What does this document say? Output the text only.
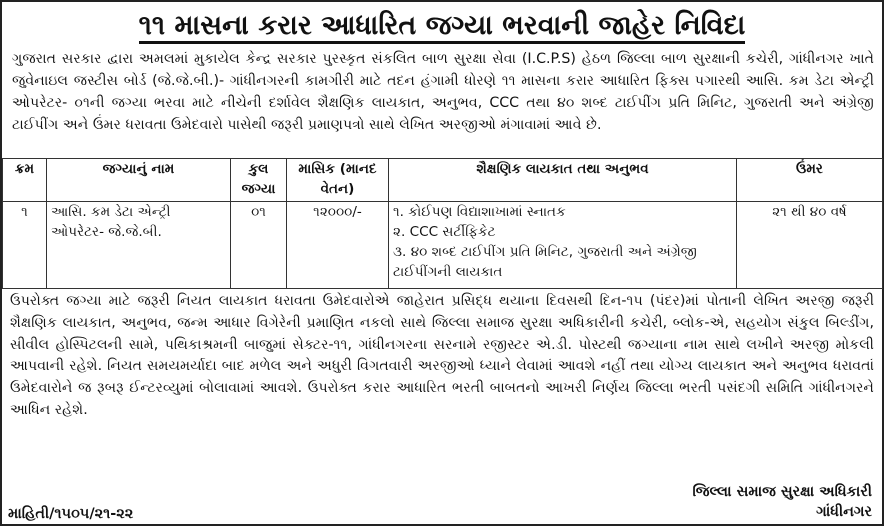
૧૧ માસના કરાર આધારિત જગ્યા ભરવાની જાહેર નિવિદા
ગુજરાત સરકાર દ્વારા અમલમાં મુકાયેલ કેન્દ્ર સરકાર પુરસ્કૃત સંકલિત બાળ સુરક્ષા સેવા (I.C.P.S) હેઠળ જિલ્લા બાળ સુરક્ષાની કચેરી, ગાંધીનગર ખાતે જુવેનાઇલ જસ્ટીસ બોર્ડ (જે.જે.બી.)- ગાંધીનગરની કામગીરી માટે તદન હંગામી ધોરણે ૧૧ માસના કરાર આધારિત ફિક્સ પગારથી આસિ. કમ ડેટા એન્ટ્રી ઓપરેટર- ૦૧ની જગ્યા ભરવા માટે નીચેની દર્શાવેલ શૈક્ષણિક લાયકાત, અનુભવ, CCC તથા ૪૦ શબ્દ ટાઈપીંગ પ્રતિ મિનિટ, ગુજરાતી અને અંગ્રેજી ટાઈપીંગ અને ઉંમર ધરાવતા ઉમેદવારો પાસેથી જરૂરી પ્રમાણપત્રો સાથે લેખિત અરજીઓ મંગાવામાં આવે છે.
ક્રમ	જગ્યાનું નામ	કુલ જગ્યા	માસિક (માનદ વેતન)	શૈક્ષણિક લાયકાત તથા અનુભવ	ઉંમર
૧	આસિ. કમ ડેટા એન્ટ્રી ઓપરેટર- જે.જે.બી.	૦૧	૧૨૦૦૦/-	૧. કોઈપણ વિદ્યાશાખામાં સ્નાતક
૨. CCC સર્ટીફિકેટ
૩. ૪૦ શબ્દ ટાઈપીંગ પ્રતિ મિનિટ, ગુજરાતી અને અંગ્રેજી ટાઈપીંગની લાયકાત	૨૧ થી ૪૦ વર્ષ
ઉપરોક્ત જગ્યા માટે જરૂરી નિયત લાયકાત ધરાવતા ઉમેદવારોએ જાહેરાત પ્રસિદ્ધ થયાના દિવસથી દિન-૧૫ (પંદર)માં પોતાની લેખિત અરજી જરૂરી શૈક્ષણિક લાયકાત, અનુભવ, જન્મ આધાર વિગેરેની પ્રમાણિત નકલો સાથે જિલ્લા સમાજ સુરક્ષા અધિકારીની કચેરી, બ્લોક-એ, સહયોગ સંકુલ બિલ્ડીંગ, સીવીલ હોસ્પિટલની સામે, પથિકાશ્રમની બાજુમાં સેક્ટર-૧૧, ગાંધીનગરના સરનામે રજીસ્ટર એ.ડી. પોસ્ટથી જગ્યાના નામ સાથે લખીને અરજી મોકલી આપવાની રહેશે. નિયત સમયમર્યાદા બાદ મળેલ અને અધુરી વિગતવારી અરજીઓ ધ્યાને લેવામાં આવશે નહીં તથા યોગ્ય લાયકાત અને અનુભવ ધરાવતાં ઉમેદવારોને જ રૂબરૂ ઈન્ટરવ્યુમાં બોલાવામાં આવશે. ઉપરોક્ત કરાર આધારિત ભરતી બાબતનો આખરી નિર્ણય જિલ્લા ભરતી પસંદગી સમિતિ ગાંધીનગરને આધિન રહેશે.
માહિતી/૧૫૦૫/૨૧-૨૨
જિલ્લા સમાજ સુરક્ષા અધિકારી
ગાંધીનગર
